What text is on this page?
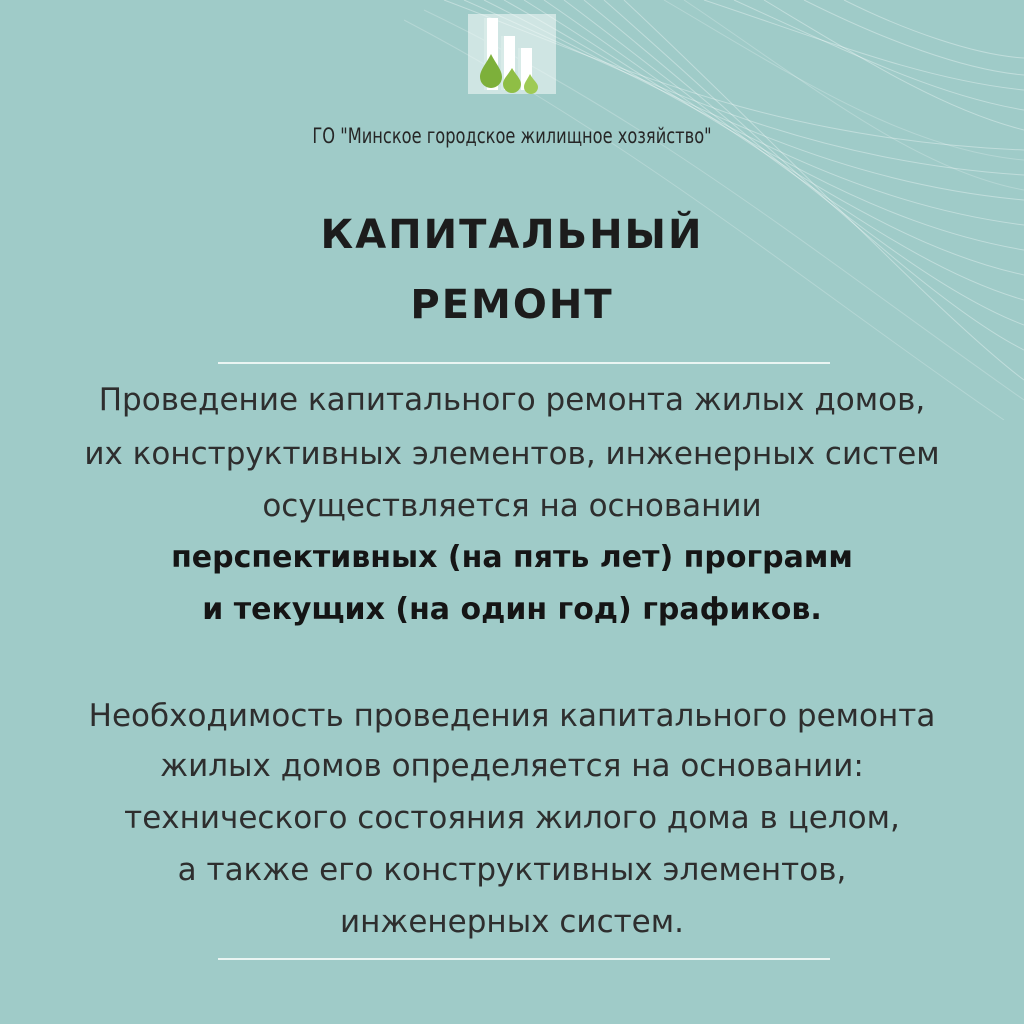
ГО "Минское городское жилищное хозяйство"
КАПИТАЛЬНЫЙ
РЕМОНТ
Проведение капитального ремонта жилых домов,
их конструктивных элементов, инженерных систем
осуществляется на основании
перспективных (на пять лет) программ
и текущих (на один год) графиков.
Необходимость проведения капитального ремонта
жилых домов определяется на основании:
технического состояния жилого дома в целом,
а также его конструктивных элементов,
инженерных систем.
